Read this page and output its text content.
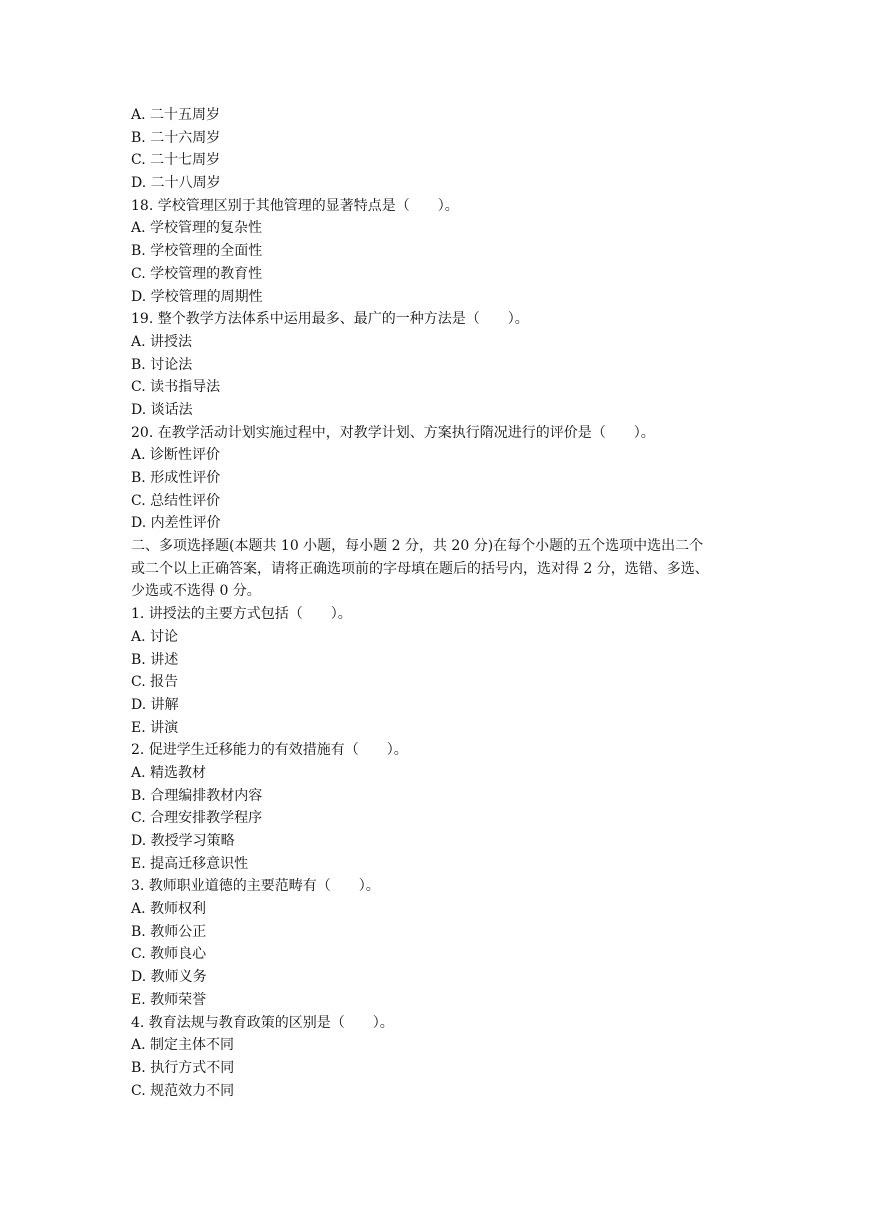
A. 二十五周岁

B. 二十六周岁

C. 二十七周岁

D. 二十八周岁

18. 学校管理区别于其他管理的显著特点是（　　）。

A. 学校管理的复杂性

B. 学校管理的全面性

C. 学校管理的教育性

D. 学校管理的周期性

19. 整个教学方法体系中运用最多、最广的一种方法是（　　）。

A. 讲授法

B. 讨论法

C. 读书指导法

D. 谈话法

20. 在教学活动计划实施过程中，对教学计划、方案执行隋况进行的评价是（　　）。

A. 诊断性评价

B. 形成性评价

C. 总结性评价

D. 内差性评价

二、多项选择题(本题共 10 小题，每小题 2 分，共 20 分)在每个小题的五个选项中选出二个

或二个以上正确答案，请将正确选项前的字母填在题后的括号内，选对得 2 分，选错、多选、

少选或不选得 0 分。

1. 讲授法的主要方式包括（　　）。

A. 讨论

B. 讲述

C. 报告

D. 讲解

E. 讲演

2. 促进学生迁移能力的有效措施有（　　）。

A. 精选教材

B. 合理编排教材内容

C. 合理安排教学程序

D. 教授学习策略

E. 提高迁移意识性

3. 教师职业道德的主要范畴有（　　）。

A. 教师权利

B. 教师公正

C. 教师良心

D. 教师义务

E. 教师荣誉

4. 教育法规与教育政策的区别是（　　）。

A. 制定主体不同

B. 执行方式不同

C. 规范效力不同
